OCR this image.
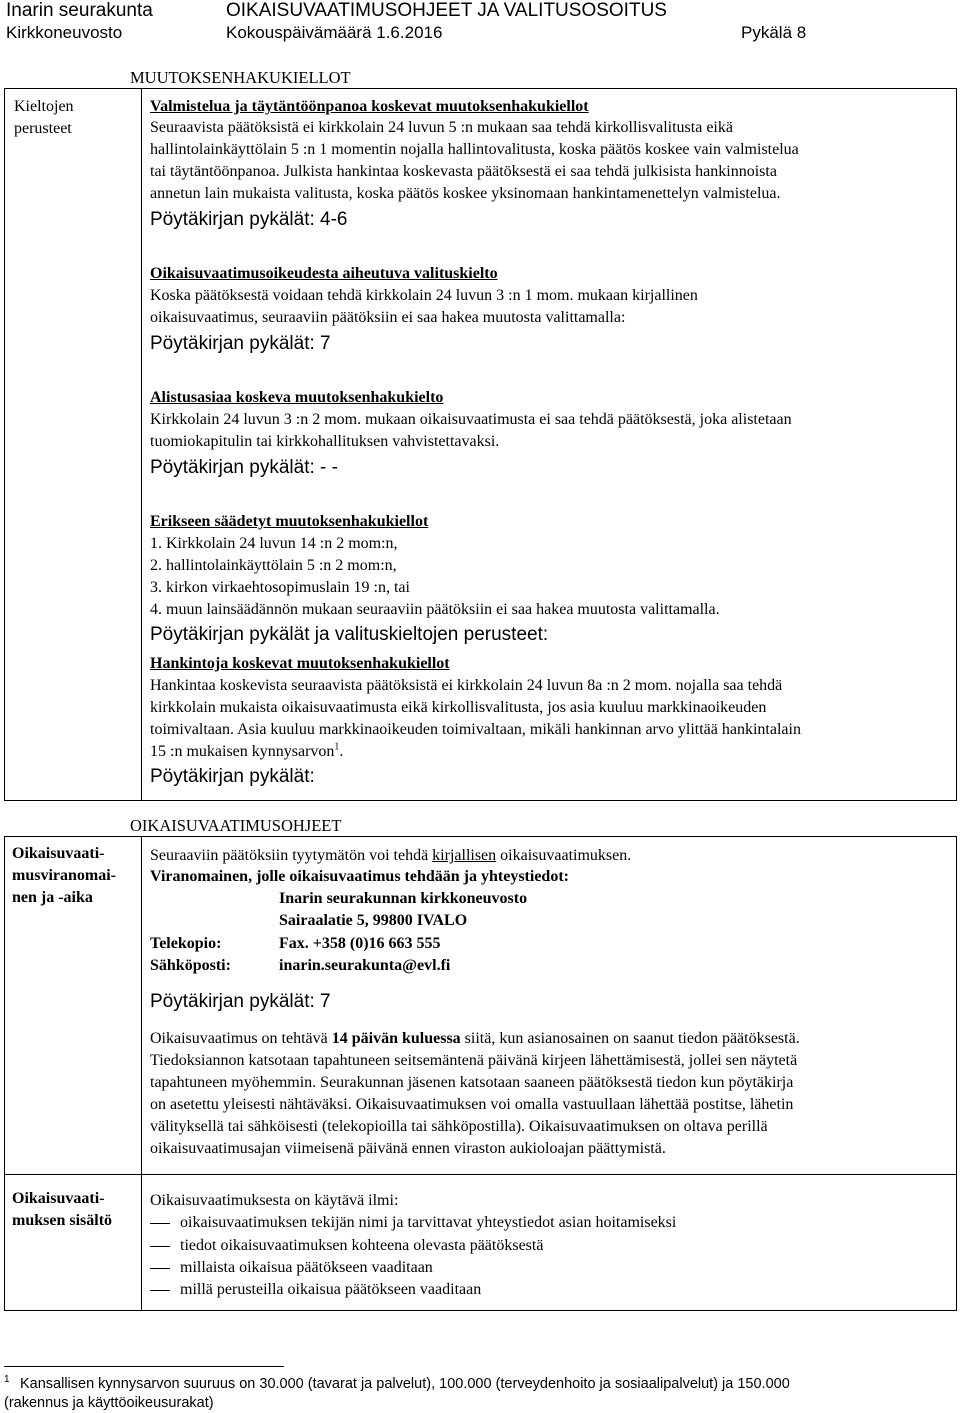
Inarin seurakunta	OIKAISUVAATIMUSOHJEET JA VALITUSOSOITUS
Kirkkoneuvosto	Kokouspäivämäärä 1.6.2016	Pykälä 8
MUUTOKSENHAKUKIELLOT
Kieltojen
perusteet
Valmistelua ja täytäntöönpanoa koskevat muutoksenhakukiellot
Seuraavista päätöksistä ei kirkkolain 24 luvun 5 :n mukaan saa tehdä kirkollisvalitusta eikä
hallintolainkäyttölain 5 :n 1 momentin nojalla hallintovalitusta, koska päätös koskee vain valmistelua
tai täytäntöönpanoa. Julkista hankintaa koskevasta päätöksestä ei saa tehdä julkisista hankinnoista
annetun lain mukaista valitusta, koska päätös koskee yksinomaan hankintamenettelyn valmistelua.
Pöytäkirjan pykälät: 4-6
Oikaisuvaatimusoikeudesta aiheutuva valituskielto
Koska päätöksestä voidaan tehdä kirkkolain 24 luvun 3 :n 1 mom. mukaan kirjallinen
oikaisuvaatimus, seuraaviin päätöksiin ei saa hakea muutosta valittamalla:
Pöytäkirjan pykälät: 7
Alistusasiaa koskeva muutoksenhakukielto
Kirkkolain 24 luvun 3 :n 2 mom. mukaan oikaisuvaatimusta ei saa tehdä päätöksestä, joka alistetaan
tuomiokapitulin tai kirkkohallituksen vahvistettavaksi.
Pöytäkirjan pykälät: - -
Erikseen säädetyt muutoksenhakukiellot
1. Kirkkolain 24 luvun 14 :n 2 mom:n,
2. hallintolainkäyttölain 5 :n 2 mom:n,
3. kirkon virkaehtosopimuslain 19 :n, tai
4. muun lainsäädännön mukaan seuraaviin päätöksiin ei saa hakea muutosta valittamalla.
Pöytäkirjan pykälät ja valituskieltojen perusteet:
Hankintoja koskevat muutoksenhakukiellot
Hankintaa koskevista seuraavista päätöksistä ei kirkkolain 24 luvun 8a :n 2 mom. nojalla saa tehdä
kirkkolain mukaista oikaisuvaatimusta eikä kirkollisvalitusta, jos asia kuuluu markkinaoikeuden
toimivaltaan. Asia kuuluu markkinaoikeuden toimivaltaan, mikäli hankinnan arvo ylittää hankintalain
15 :n mukaisen kynnysarvon$^1$.
Pöytäkirjan pykälät:
OIKAISUVAATIMUSOHJEET
Oikaisuvaati-
musviranomai-
nen ja -aika
Seuraaviin päätöksiin tyytymätön voi tehdä kirjallisen oikaisuvaatimuksen.
Viranomainen, jolle oikaisuvaatimus tehdään ja yhteystiedot:
Inarin seurakunnan kirkkoneuvosto
Sairaalatie 5, 99800 IVALO
Telekopio:	Fax. +358 (0)16 663 555
Sähköposti:	inarin.seurakunta@evl.fi
Pöytäkirjan pykälät: 7
Oikaisuvaatimus on tehtävä 14 päivän kuluessa siitä, kun asianosainen on saanut tiedon päätöksestä.
Tiedoksiannon katsotaan tapahtuneen seitsemäntenä päivänä kirjeen lähettämisestä, jollei sen näytetä
tapahtuneen myöhemmin. Seurakunnan jäsenen katsotaan saaneen päätöksestä tiedon kun pöytäkirja
on asetettu yleisesti nähtäväksi. Oikaisuvaatimuksen voi omalla vastuullaan lähettää postitse, lähetin
välityksellä tai sähköisesti (telekopioilla tai sähköpostilla). Oikaisuvaatimuksen on oltava perillä
oikaisuvaatimusajan viimeisenä päivänä ennen viraston aukioloajan päättymistä.
Oikaisuvaati-
muksen sisältö
Oikaisuvaatimuksesta on käytävä ilmi:
oikaisuvaatimuksen tekijän nimi ja tarvittavat yhteystiedot asian hoitamiseksi
tiedot oikaisuvaatimuksen kohteena olevasta päätöksestä
millaista oikaisua päätökseen vaaditaan
millä perusteilla oikaisua päätökseen vaaditaan
$^1$ Kansallisen kynnysarvon suuruus on 30.000 (tavarat ja palvelut), 100.000 (terveydenhoito ja sosiaalipalvelut) ja 150.000
(rakennus ja käyttöoikeusurakat)
